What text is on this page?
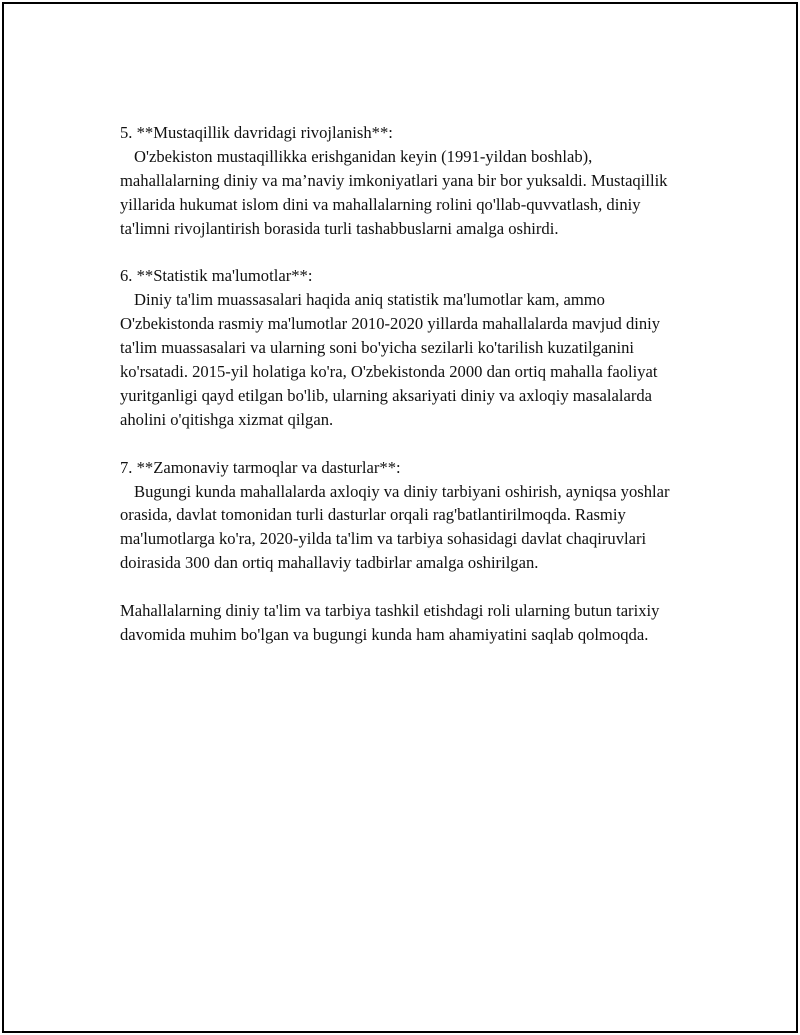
5. **Mustaqillik davridagi rivojlanish**:
O'zbekiston mustaqillikka erishganidan keyin (1991-yildan boshlab), mahallalarning diniy va ma’naviy imkoniyatlari yana bir bor yuksaldi. Mustaqillik yillarida hukumat islom dini va mahallalarning rolini qo'llab-quvvatlash, diniy ta'limni rivojlantirish borasida turli tashabbuslarni amalga oshirdi.
6. **Statistik ma'lumotlar**:
Diniy ta'lim muassasalari haqida aniq statistik ma'lumotlar kam, ammo O'zbekistonda rasmiy ma'lumotlar 2010-2020 yillarda mahallalarda mavjud diniy ta'lim muassasalari va ularning soni bo'yicha sezilarli ko'tarilish kuzatilganini ko'rsatadi. 2015-yil holatiga ko'ra, O'zbekistonda 2000 dan ortiq mahalla faoliyat yuritganligi qayd etilgan bo'lib, ularning aksariyati diniy va axloqiy masalalarda aholini o'qitishga xizmat qilgan.
7. **Zamonaviy tarmoqlar va dasturlar**:
Bugungi kunda mahallalarda axloqiy va diniy tarbiyani oshirish, ayniqsa yoshlar orasida, davlat tomonidan turli dasturlar orqali rag'batlantirilmoqda. Rasmiy ma'lumotlarga ko'ra, 2020-yilda ta'lim va tarbiya sohasidagi davlat chaqiruvlari doirasida 300 dan ortiq mahallaviy tadbirlar amalga oshirilgan.

Mahallalarning diniy ta'lim va tarbiya tashkil etishdagi roli ularning butun tarixiy davomida muhim bo'lgan va bugungi kunda ham ahamiyatini saqlab qolmoqda.
